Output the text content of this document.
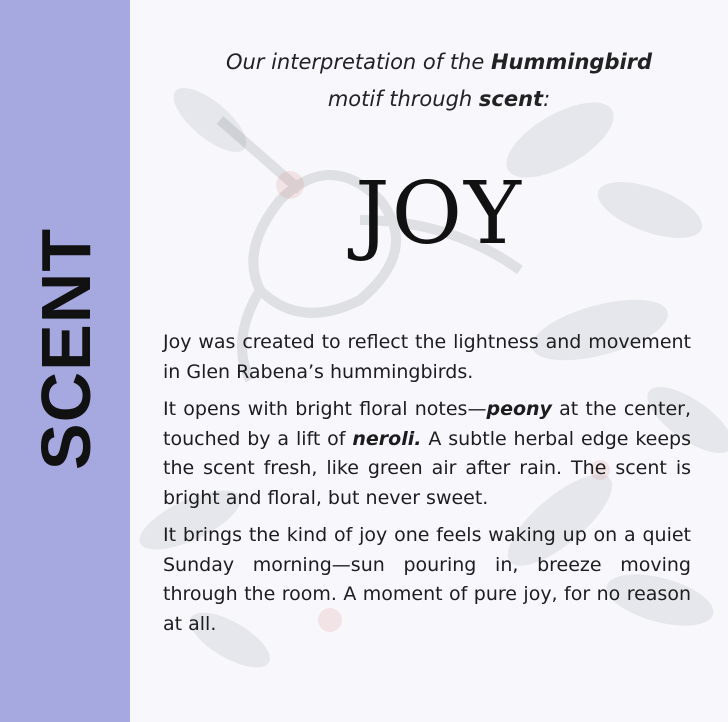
SCENT
Our interpretation of the Hummingbird
motif through scent:
JOY

Joy was created to reflect the lightness and movement in Glen Rabena’s hummingbirds.

It opens with bright floral notes—peony at the center, touched by a lift of neroli. A subtle herbal edge keeps the scent fresh, like green air after rain. The scent is bright and floral, but never sweet.

It brings the kind of joy one feels waking up on a quiet Sunday morning—sun pouring in, breeze moving through the room. A moment of pure joy, for no reason at all.
